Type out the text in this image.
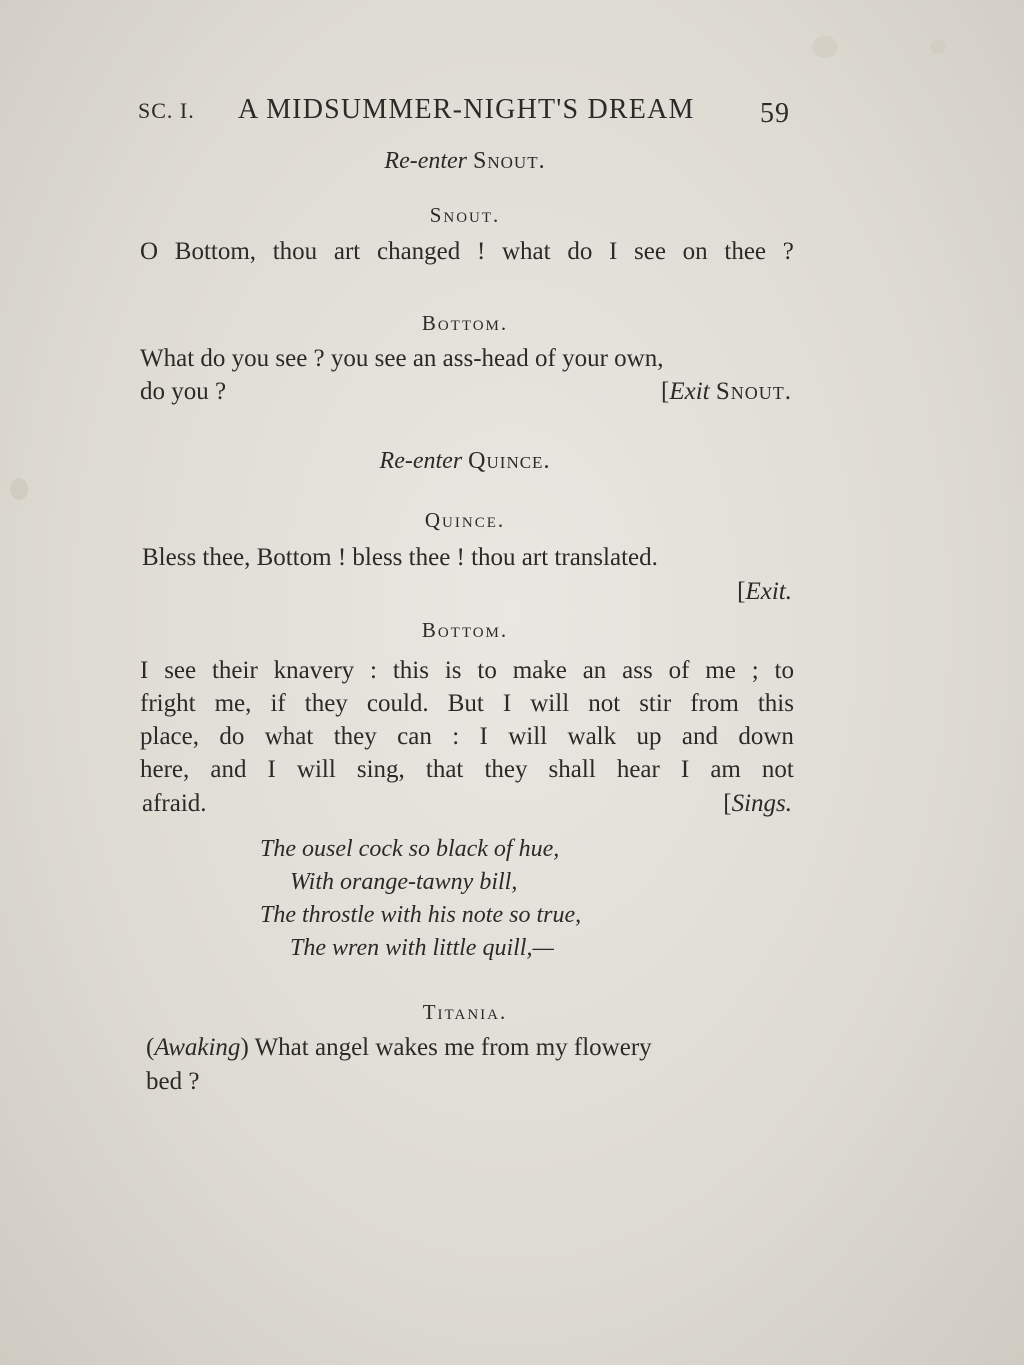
SC. I. A MIDSUMMER-NIGHT'S DREAM 59
Re-enter Snout.
Snout.
O Bottom, thou art changed ! what do I see on thee ?
Bottom.
What do you see ? you see an ass-head of your own,
do you ?	[Exit Snout.
Re-enter Quince.
Quince.
Bless thee, Bottom ! bless thee ! thou art translated.
[Exit.
Bottom.
I see their knavery : this is to make an ass of me ; to
fright me, if they could. But I will not stir from this
place, do what they can : I will walk up and down
here, and I will sing, that they shall hear I am not
afraid.	[Sings.
The ousel cock so black of hue,
With orange-tawny bill,
The throstle with his note so true,
The wren with little quill,—
Titania.
(Awaking) What angel wakes me from my flowery
bed ?
